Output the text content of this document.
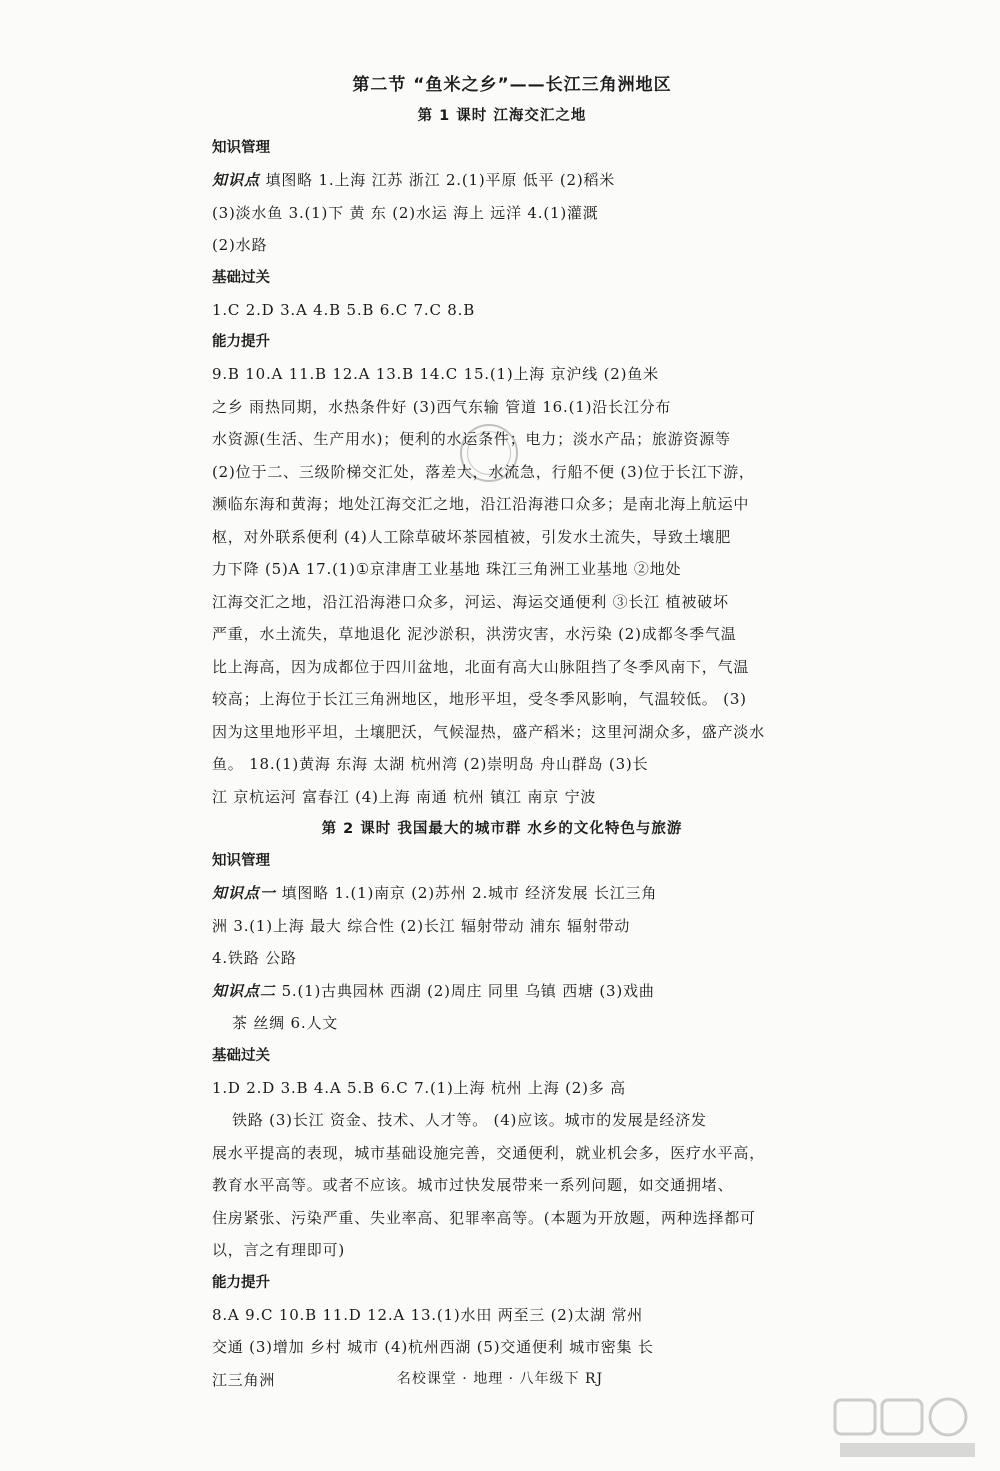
第二节 “鱼米之乡”——长江三角洲地区
第 1 课时 江海交汇之地
知识管理
知识点 填图略 1.上海 江苏 浙江 2.(1)平原 低平 (2)稻米
(3)淡水鱼 3.(1)下 黄 东 (2)水运 海上 远洋 4.(1)灌溉
(2)水路
基础过关
1.C 2.D 3.A 4.B 5.B 6.C 7.C 8.B
能力提升
9.B 10.A 11.B 12.A 13.B 14.C 15.(1)上海 京沪线 (2)鱼米
之乡 雨热同期，水热条件好 (3)西气东输 管道 16.(1)沿长江分布
水资源(生活、生产用水)；便利的水运条件；电力；淡水产品；旅游资源等
(2)位于二、三级阶梯交汇处，落差大，水流急，行船不便 (3)位于长江下游，
濒临东海和黄海；地处江海交汇之地，沿江沿海港口众多；是南北海上航运中
枢，对外联系便利 (4)人工除草破坏茶园植被，引发水土流失，导致土壤肥
力下降 (5)A 17.(1)①京津唐工业基地 珠江三角洲工业基地 ②地处
江海交汇之地，沿江沿海港口众多，河运、海运交通便利 ③长江 植被破坏
严重，水土流失，草地退化 泥沙淤积，洪涝灾害，水污染 (2)成都冬季气温
比上海高，因为成都位于四川盆地，北面有高大山脉阻挡了冬季风南下，气温
较高；上海位于长江三角洲地区，地形平坦，受冬季风影响，气温较低。 (3)
因为这里地形平坦，土壤肥沃，气候湿热，盛产稻米；这里河湖众多，盛产淡水
鱼。 18.(1)黄海 东海 太湖 杭州湾 (2)崇明岛 舟山群岛 (3)长
江 京杭运河 富春江 (4)上海 南通 杭州 镇江 南京 宁波
第 2 课时 我国最大的城市群 水乡的文化特色与旅游
知识管理
知识点一 填图略 1.(1)南京 (2)苏州 2.城市 经济发展 长江三角
洲 3.(1)上海 最大 综合性 (2)长江 辐射带动 浦东 辐射带动
4.铁路 公路
知识点二 5.(1)古典园林 西湖 (2)周庄 同里 乌镇 西塘 (3)戏曲
茶 丝绸 6.人文
基础过关
1.D 2.D 3.B 4.A 5.B 6.C 7.(1)上海 杭州 上海 (2)多 高
铁路 (3)长江 资金、技术、人才等。 (4)应该。城市的发展是经济发
展水平提高的表现，城市基础设施完善，交通便利，就业机会多，医疗水平高，
教育水平高等。或者不应该。城市过快发展带来一系列问题，如交通拥堵、
住房紧张、污染严重、失业率高、犯罪率高等。(本题为开放题，两种选择都可
以，言之有理即可)
能力提升
8.A 9.C 10.B 11.D 12.A 13.(1)水田 两至三 (2)太湖 常州
交通 (3)增加 乡村 城市 (4)杭州西湖 (5)交通便利 城市密集 长
江三角洲	名校课堂 · 地理 · 八年级下 RJ
